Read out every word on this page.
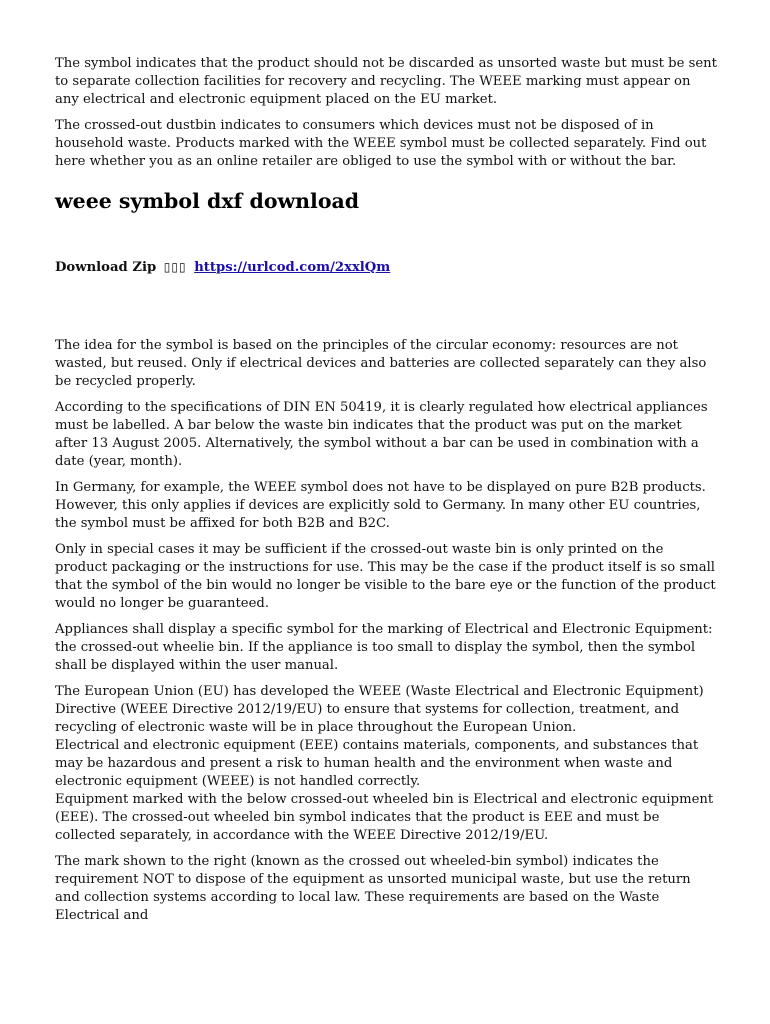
The symbol indicates that the product should not be discarded as unsorted waste but must be sent to separate collection facilities for recovery and recycling. The WEEE marking must appear on any electrical and electronic equipment placed on the EU market.

The crossed-out dustbin indicates to consumers which devices must not be disposed of in household waste. Products marked with the WEEE symbol must be collected separately. Find out here whether you as an online retailer are obliged to use the symbol with or without the bar.

weee symbol dxf download
Download Zip ▯▯▯ https://urlcod.com/2xxlQm

The idea for the symbol is based on the principles of the circular economy: resources are not wasted, but reused. Only if electrical devices and batteries are collected separately can they also be recycled properly.

According to the specifications of DIN EN 50419, it is clearly regulated how electrical appliances must be labelled. A bar below the waste bin indicates that the product was put on the market after 13 August 2005. Alternatively, the symbol without a bar can be used in combination with a date (year, month).

In Germany, for example, the WEEE symbol does not have to be displayed on pure B2B products. However, this only applies if devices are explicitly sold to Germany. In many other EU countries, the symbol must be affixed for both B2B and B2C.

Only in special cases it may be sufficient if the crossed-out waste bin is only printed on the product packaging or the instructions for use. This may be the case if the product itself is so small that the symbol of the bin would no longer be visible to the bare eye or the function of the product would no longer be guaranteed.

Appliances shall display a specific symbol for the marking of Electrical and Electronic Equipment: the crossed-out wheelie bin. If the appliance is too small to display the symbol, then the symbol shall be displayed within the user manual.

The European Union (EU) has developed the WEEE (Waste Electrical and Electronic Equipment) Directive (WEEE Directive 2012/19/EU) to ensure that systems for collection, treatment, and recycling of electronic waste will be in place throughout the European Union.

Electrical and electronic equipment (EEE) contains materials, components, and substances that may be hazardous and present a risk to human health and the environment when waste and electronic equipment (WEEE) is not handled correctly.

Equipment marked with the below crossed-out wheeled bin is Electrical and electronic equipment (EEE). The crossed-out wheeled bin symbol indicates that the product is EEE and must be collected separately, in accordance with the WEEE Directive 2012/19/EU.

The mark shown to the right (known as the crossed out wheeled-bin symbol) indicates the requirement NOT to dispose of the equipment as unsorted municipal waste, but use the return and collection systems according to local law. These requirements are based on the Waste Electrical and
